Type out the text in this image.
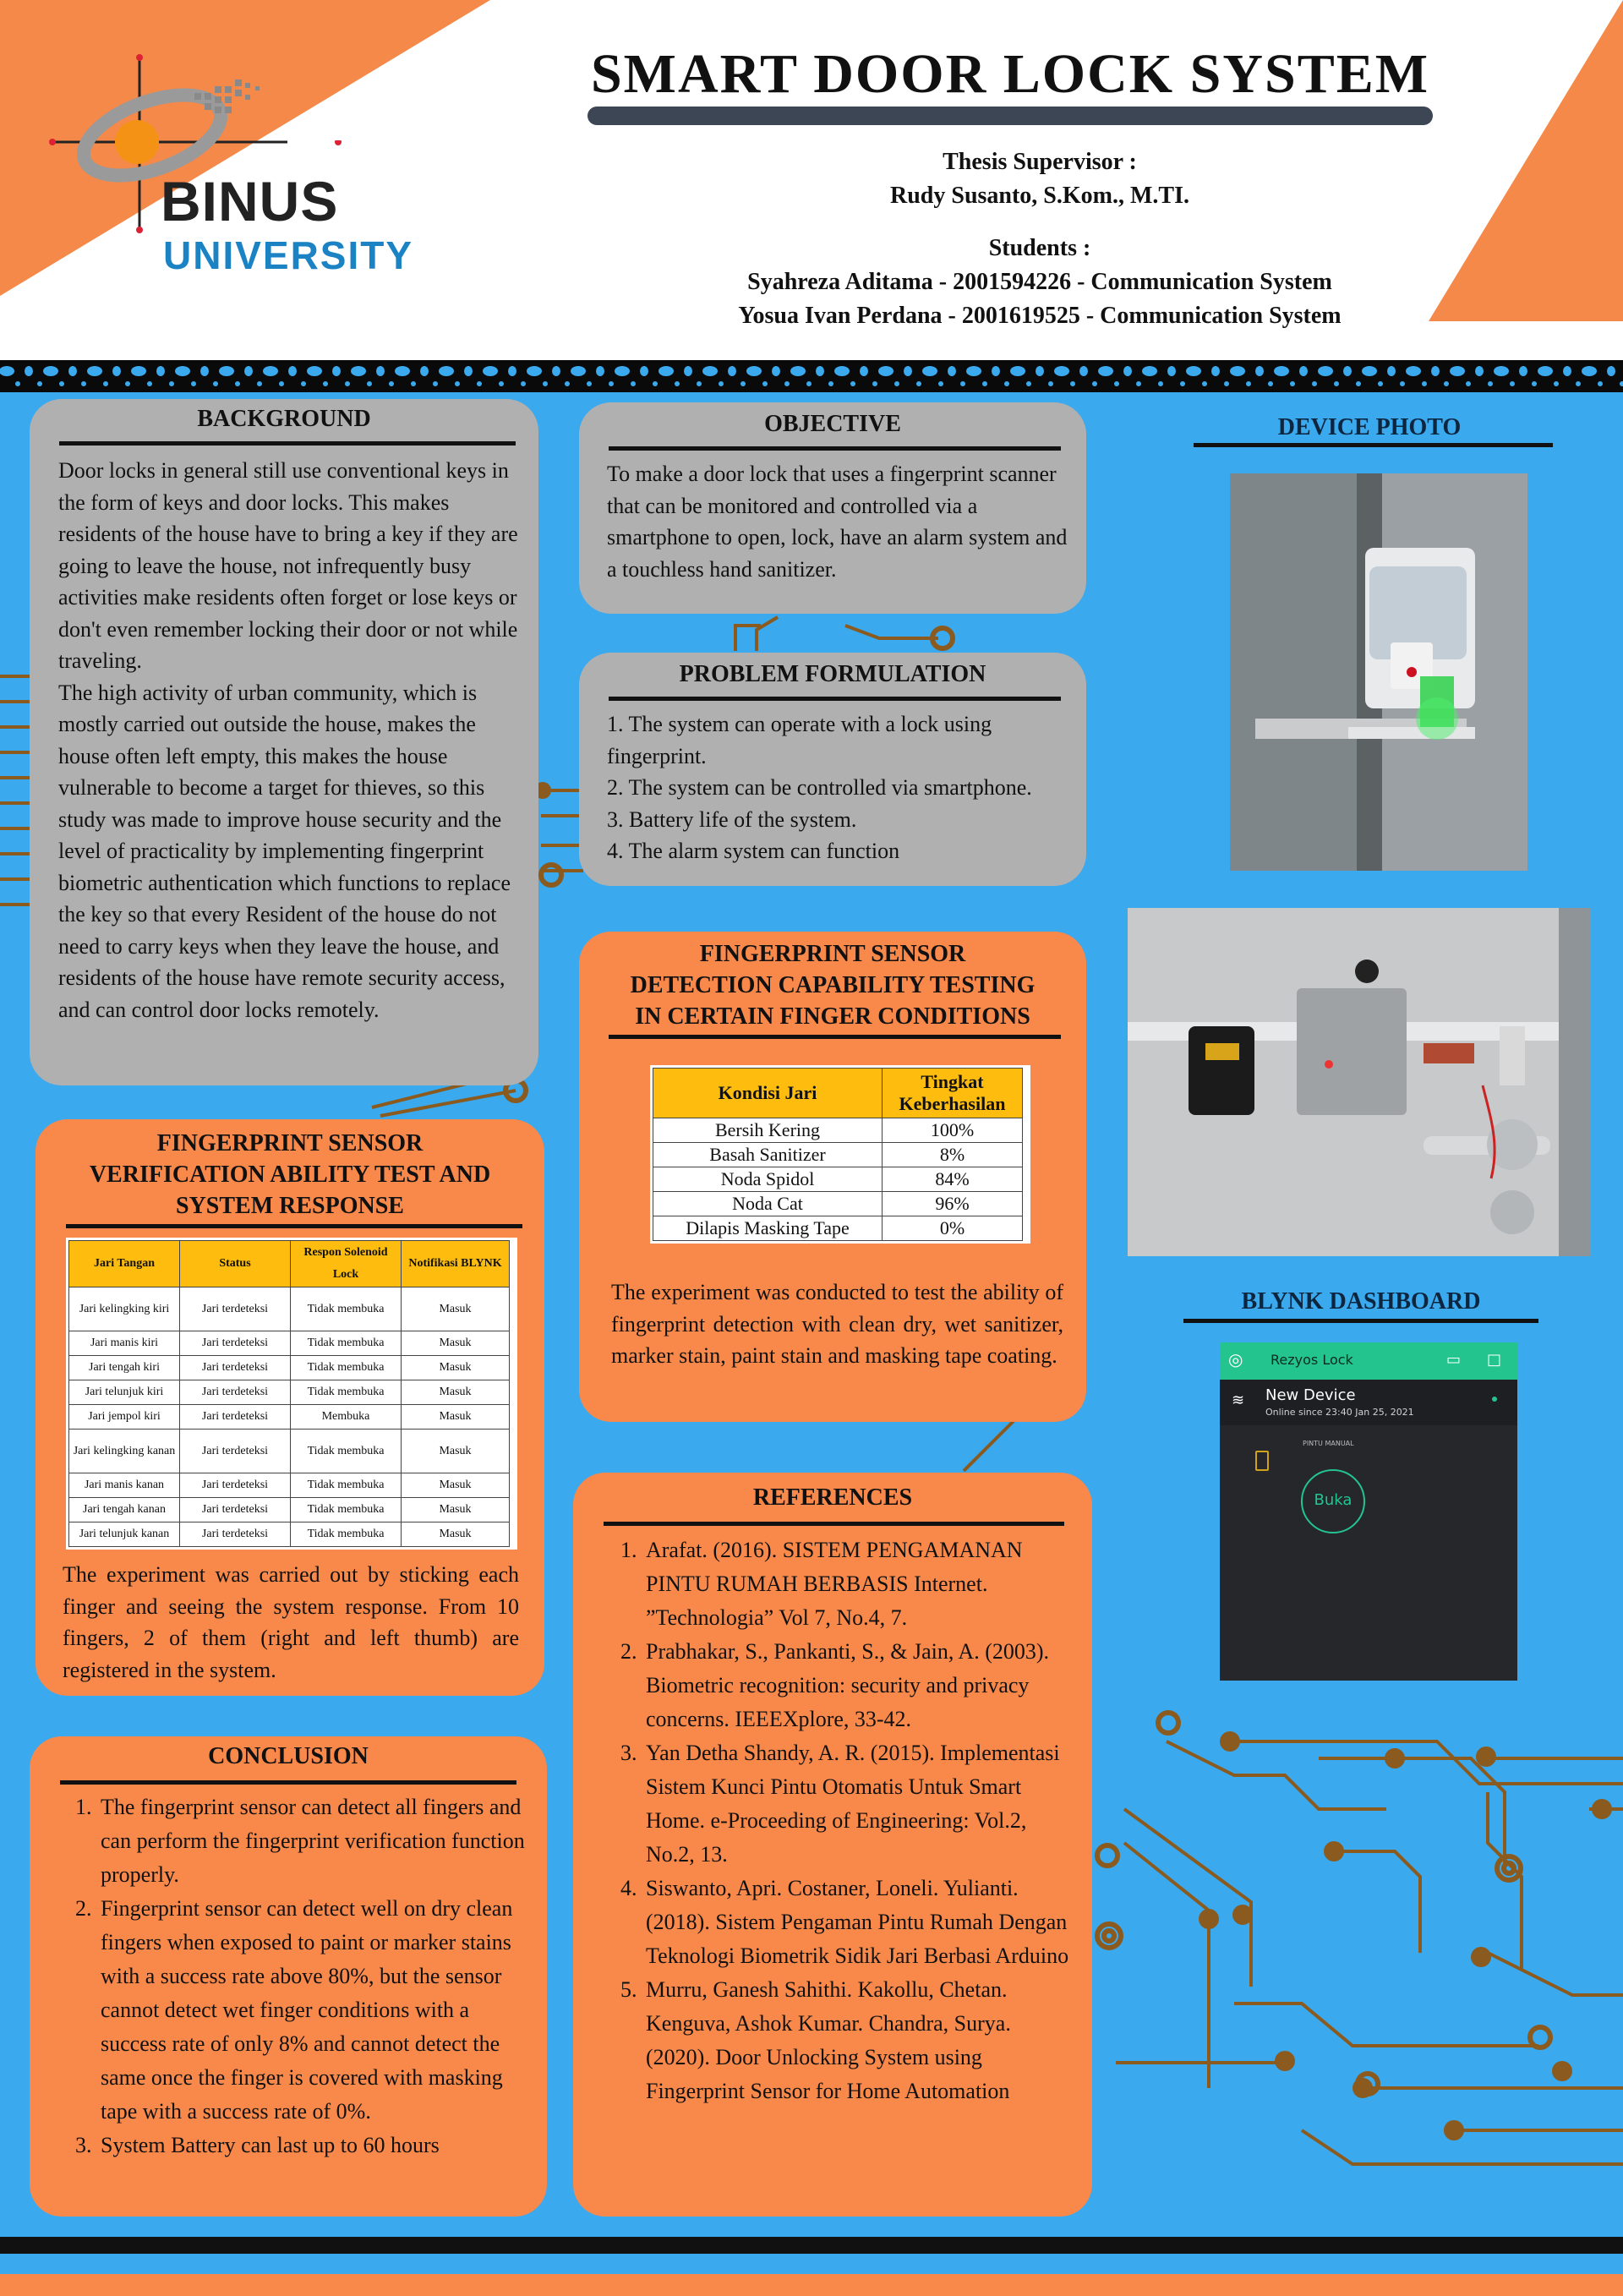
BINUS
UNIVERSITY
SMART DOOR LOCK SYSTEM
Thesis Supervisor :
Rudy Susanto, S.Kom., M.TI.
Students :
Syahreza Aditama - 2001594226 - Communication System
Yosua Ivan Perdana - 2001619525 - Communication System
BACKGROUND
Door locks in general still use conventional keys in the form of keys and door locks. This makes residents of the house have to bring a key if they are going to leave the house, not infrequently busy activities make residents often forget or lose keys or don't even remember locking their door or not while traveling.
The high activity of urban community, which is mostly carried out outside the house, makes the house often left empty, this makes the house vulnerable to become a target for thieves, so this study was made to improve house security and the level of practicality by implementing fingerprint biometric authentication which functions to replace the key so that every Resident of the house do not need to carry keys when they leave the house, and residents of the house have remote security access, and can control door locks remotely.
OBJECTIVE
To make a door lock that uses a fingerprint scanner that can be monitored and controlled via a smartphone to open, lock, have an alarm system and a touchless hand sanitizer.
PROBLEM FORMULATION
1. The system can operate with a lock using fingerprint.
2. The system can be controlled via smartphone.
3. Battery life of the system.
4. The alarm system can function
FINGERPRINT SENSOR
DETECTION CAPABILITY TESTING
IN CERTAIN FINGER CONDITIONS
Kondisi Jari	Tingkat Keberhasilan
Bersih Kering	100%
Basah Sanitizer	8%
Noda Spidol	84%
Noda Cat	96%
Dilapis Masking Tape	0%
The experiment was conducted to test the ability of fingerprint detection with clean dry, wet sanitizer, marker stain, paint stain and masking tape coating.
FINGERPRINT SENSOR
VERIFICATION ABILITY TEST AND
SYSTEM RESPONSE
Jari Tangan	Status	Respon Solenoid Lock	Notifikasi BLYNK
Jari kelingking kiri	Jari terdeteksi	Tidak membuka	Masuk
Jari manis kiri	Jari terdeteksi	Tidak membuka	Masuk
Jari tengah kiri	Jari terdeteksi	Tidak membuka	Masuk
Jari telunjuk kiri	Jari terdeteksi	Tidak membuka	Masuk
Jari jempol kiri	Jari terdeteksi	Membuka	Masuk
Jari kelingking kanan	Jari terdeteksi	Tidak membuka	Masuk
Jari manis kanan	Jari terdeteksi	Tidak membuka	Masuk
Jari tengah kanan	Jari terdeteksi	Tidak membuka	Masuk
Jari telunjuk kanan	Jari terdeteksi	Tidak membuka	Masuk
The experiment was carried out by sticking each finger and seeing the system response. From 10 fingers, 2 of them (right and left thumb) are registered in the system.
CONCLUSION
1. The fingerprint sensor can detect all fingers and can perform the fingerprint verification function properly.
2. Fingerprint sensor can detect well on dry clean fingers when exposed to paint or marker stains with a success rate above 80%, but the sensor cannot detect wet finger conditions with a success rate of only 8% and cannot detect the same once the finger is covered with masking tape with a success rate of 0%.
3. System Battery can last up to 60 hours
REFERENCES
1. Arafat. (2016). SISTEM PENGAMANAN PINTU RUMAH BERBASIS Internet. ”Technologia” Vol 7, No.4, 7.
2. Prabhakar, S., Pankanti, S., & Jain, A. (2003). Biometric recognition: security and privacy concerns. IEEEXplore, 33-42.
3. Yan Detha Shandy, A. R. (2015). Implementasi Sistem Kunci Pintu Otomatis Untuk Smart Home. e-Proceeding of Engineering: Vol.2, No.2, 13.
4. Siswanto, Apri. Costaner, Loneli. Yulianti. (2018). Sistem Pengaman Pintu Rumah Dengan Teknologi Biometrik Sidik Jari Berbasi Arduino
5. Murru, Ganesh Sahithi. Kakollu, Chetan. Kenguva, Ashok Kumar. Chandra, Surya. (2020). Door Unlocking System using Fingerprint Sensor for Home Automation
DEVICE PHOTO
BLYNK DASHBOARD
◎ Rezyos Lock	▭ □
≋ New Device
Online since 23:40 Jan 25, 2021
PINTU MANUAL
Buka
